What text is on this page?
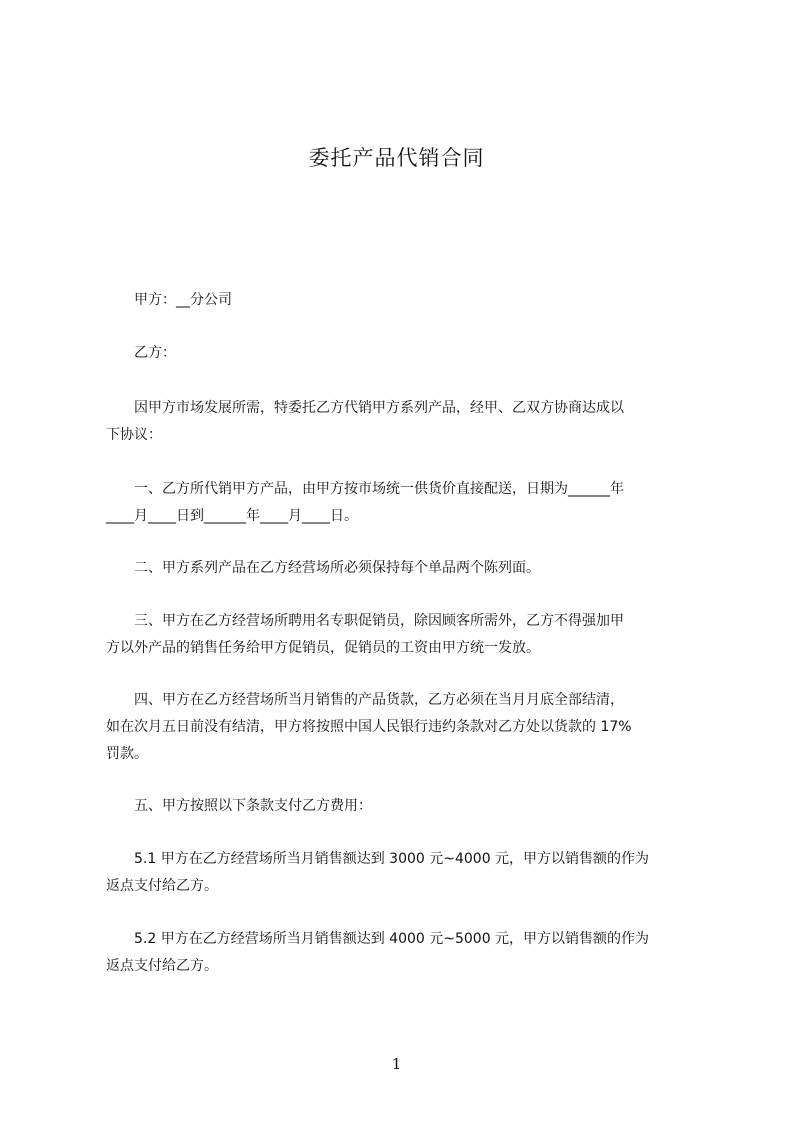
委托产品代销合同

　　甲方：__分公司

　　乙方：

　　因甲方市场发展所需，特委托乙方代销甲方系列产品，经甲、乙双方协商达成以
下协议：

　　一、乙方所代销甲方产品，由甲方按市场统一供货价直接配送，日期为______年
____月____日到______年____月____日。

　　二、甲方系列产品在乙方经营场所必须保持每个单品两个陈列面。

　　三、甲方在乙方经营场所聘用名专职促销员，除因顾客所需外，乙方不得强加甲
方以外产品的销售任务给甲方促销员，促销员的工资由甲方统一发放。

　　四、甲方在乙方经营场所当月销售的产品货款，乙方必须在当月月底全部结清，
如在次月五日前没有结清，甲方将按照中国人民银行违约条款对乙方处以货款的 17%
罚款。

　　五、甲方按照以下条款支付乙方费用：

　　5.1 甲方在乙方经营场所当月销售额达到 3000 元~4000 元，甲方以销售额的作为
返点支付给乙方。

　　5.2 甲方在乙方经营场所当月销售额达到 4000 元~5000 元，甲方以销售额的作为
返点支付给乙方。

1
